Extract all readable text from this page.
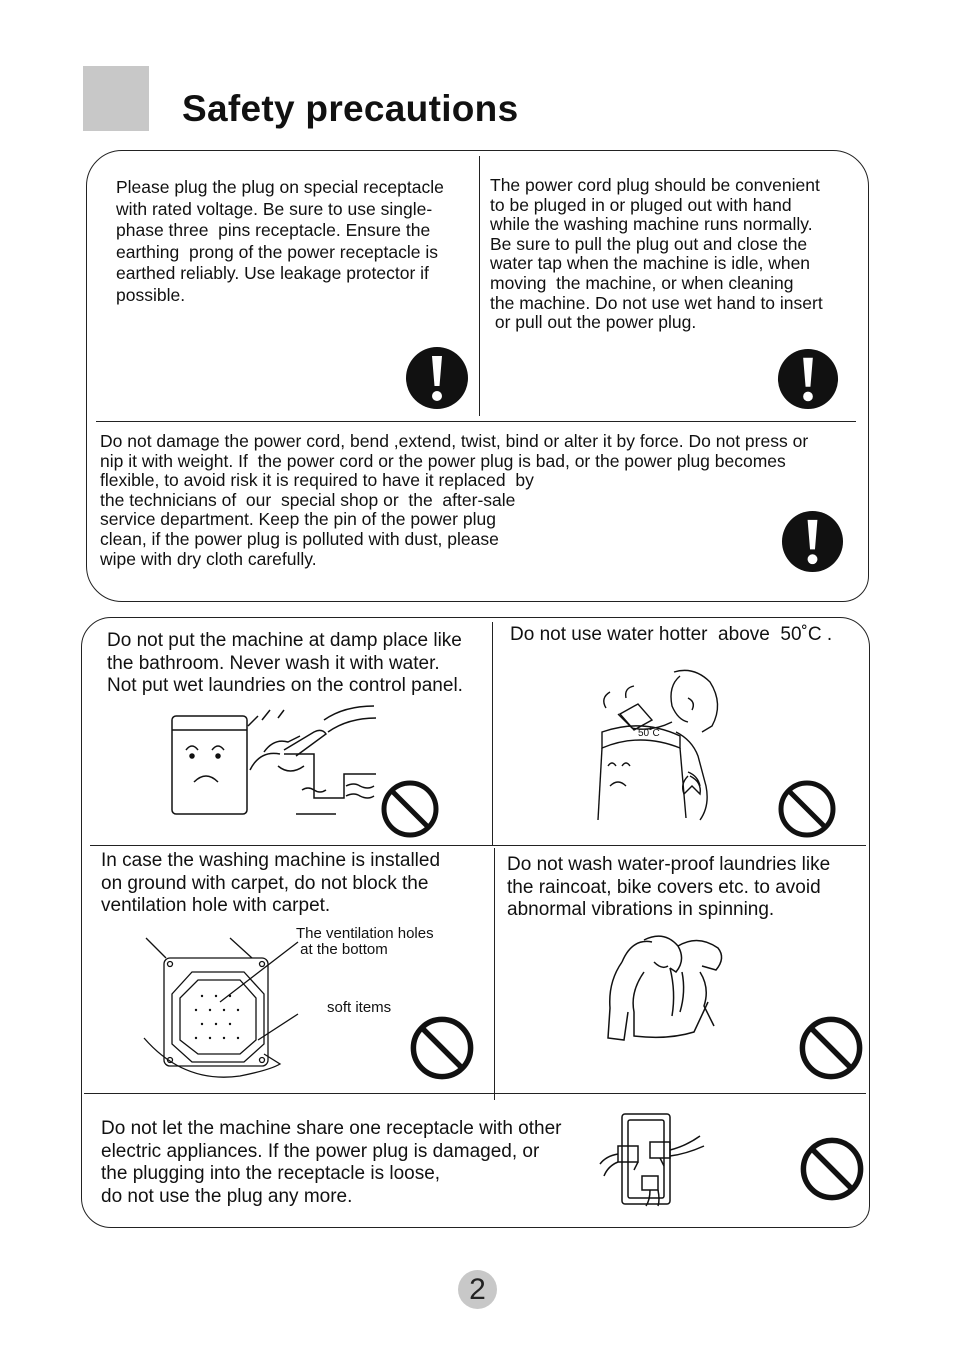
Safety precautions
Please plug the plug on special receptacle
with rated voltage. Be sure to use single-
phase three  pins receptacle. Ensure the
earthing  prong of the power receptacle is
earthed reliably. Use leakage protector if
possible.
The power cord plug should be convenient
to be pluged in or pluged out with hand
while the washing machine runs normally.
Be sure to pull the plug out and close the
water tap when the machine is idle, when
moving  the machine, or when cleaning
the machine. Do not use wet hand to insert
or pull out the power plug.
Do not damage the power cord, bend ,extend, twist, bind or alter it by force. Do not press or
nip it with weight. If  the power cord or the power plug is bad, or the power plug becomes
flexible, to avoid risk it is required to have it replaced  by
the technicians of  our  special shop or  the  after-sale
service department. Keep the pin of the power plug
clean, if the power plug is polluted with dust, please
wipe with dry cloth carefully.
Do not put the machine at damp place like
the bathroom. Never wash it with water.
Not put wet laundries on the control panel.
Do not use water hotter  above  50˚C .
In case the washing machine is installed
on ground with carpet, do not block the
ventilation hole with carpet.
Do not wash water-proof laundries like
the raincoat, bike covers etc. to avoid
abnormal vibrations in spinning.
Do not let the machine share one receptacle with other
electric appliances. If the power plug is damaged, or
the plugging into the receptacle is loose,
do not use the plug any more.
50˚C
The ventilation holes
at the bottom
soft items
2
